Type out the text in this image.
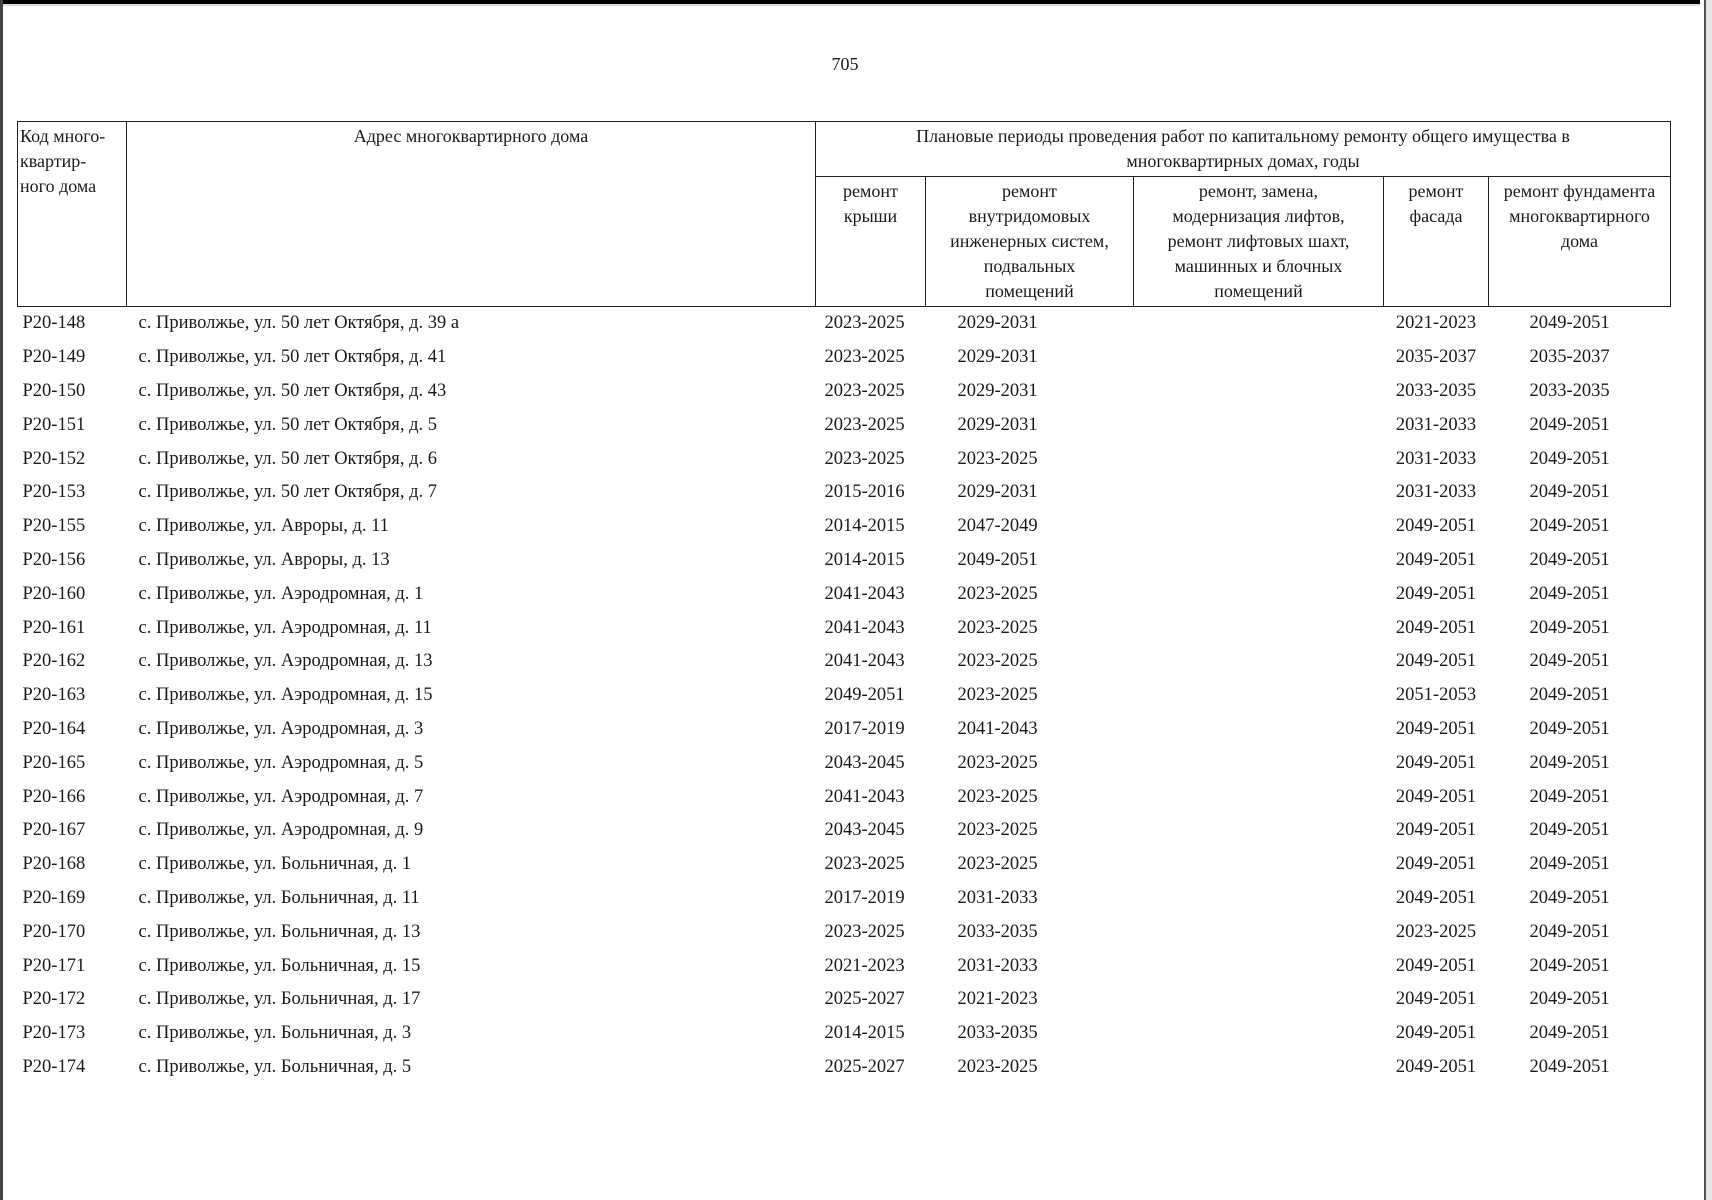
705
Код много-
квартир-
ного дома	Адрес многоквартирного дома	Плановые периоды проведения работ по капитальному ремонту общего имущества в
многоквартирных домах, годы				
		ремонт
крыши	ремонт
внутридомовых
инженерных систем,
подвальных
помещений	ремонт, замена,
модернизация лифтов,
ремонт лифтовых шахт,
машинных и блочных
помещений	ремонт
фасада	ремонт фундамента
многоквартирного
дома
Р20-148	с. Приволжье, ул. 50 лет Октября, д. 39 а	2023-2025	2029-2031		2021-2023	2049-2051
Р20-149	с. Приволжье, ул. 50 лет Октября, д. 41	2023-2025	2029-2031		2035-2037	2035-2037
Р20-150	с. Приволжье, ул. 50 лет Октября, д. 43	2023-2025	2029-2031		2033-2035	2033-2035
Р20-151	с. Приволжье, ул. 50 лет Октября, д. 5	2023-2025	2029-2031		2031-2033	2049-2051
Р20-152	с. Приволжье, ул. 50 лет Октября, д. 6	2023-2025	2023-2025		2031-2033	2049-2051
Р20-153	с. Приволжье, ул. 50 лет Октября, д. 7	2015-2016	2029-2031		2031-2033	2049-2051
Р20-155	с. Приволжье, ул. Авроры, д. 11	2014-2015	2047-2049		2049-2051	2049-2051
Р20-156	с. Приволжье, ул. Авроры, д. 13	2014-2015	2049-2051		2049-2051	2049-2051
Р20-160	с. Приволжье, ул. Аэродромная, д. 1	2041-2043	2023-2025		2049-2051	2049-2051
Р20-161	с. Приволжье, ул. Аэродромная, д. 11	2041-2043	2023-2025		2049-2051	2049-2051
Р20-162	с. Приволжье, ул. Аэродромная, д. 13	2041-2043	2023-2025		2049-2051	2049-2051
Р20-163	с. Приволжье, ул. Аэродромная, д. 15	2049-2051	2023-2025		2051-2053	2049-2051
Р20-164	с. Приволжье, ул. Аэродромная, д. 3	2017-2019	2041-2043		2049-2051	2049-2051
Р20-165	с. Приволжье, ул. Аэродромная, д. 5	2043-2045	2023-2025		2049-2051	2049-2051
Р20-166	с. Приволжье, ул. Аэродромная, д. 7	2041-2043	2023-2025		2049-2051	2049-2051
Р20-167	с. Приволжье, ул. Аэродромная, д. 9	2043-2045	2023-2025		2049-2051	2049-2051
Р20-168	с. Приволжье, ул. Больничная, д. 1	2023-2025	2023-2025		2049-2051	2049-2051
Р20-169	с. Приволжье, ул. Больничная, д. 11	2017-2019	2031-2033		2049-2051	2049-2051
Р20-170	с. Приволжье, ул. Больничная, д. 13	2023-2025	2033-2035		2023-2025	2049-2051
Р20-171	с. Приволжье, ул. Больничная, д. 15	2021-2023	2031-2033		2049-2051	2049-2051
Р20-172	с. Приволжье, ул. Больничная, д. 17	2025-2027	2021-2023		2049-2051	2049-2051
Р20-173	с. Приволжье, ул. Больничная, д. 3	2014-2015	2033-2035		2049-2051	2049-2051
Р20-174	с. Приволжье, ул. Больничная, д. 5	2025-2027	2023-2025		2049-2051	2049-2051
